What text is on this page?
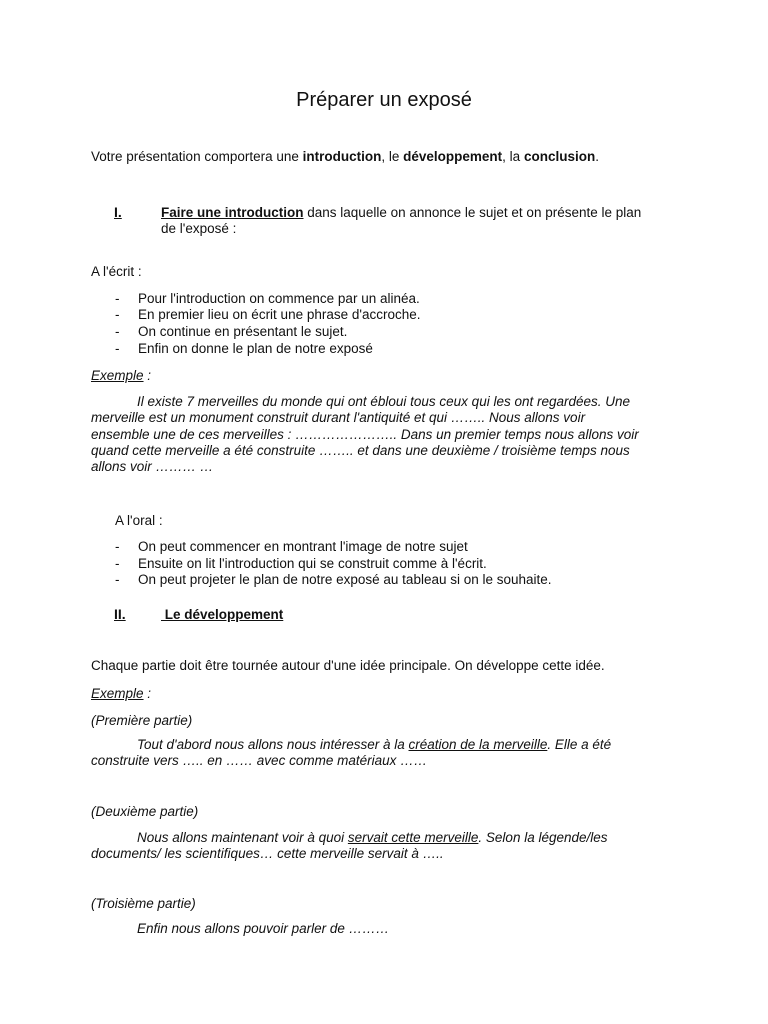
Préparer un exposé
Votre présentation comportera une introduction, le développement, la conclusion.
I.	Faire une introduction dans laquelle on annonce le sujet et on présente le plan
de l'exposé :
A l'écrit :
- Pour l'introduction on commence par un alinéa.
- En premier lieu on écrit une phrase d'accroche.
- On continue en présentant le sujet.
- Enfin on donne le plan de notre exposé
Exemple :
Il existe 7 merveilles du monde qui ont ébloui tous ceux qui les ont regardées. Une
merveille est un monument construit durant l'antiquité et qui …….. Nous allons voir
ensemble une de ces merveilles : ………………….. Dans un premier temps nous allons voir
quand cette merveille a été construite …….. et dans une deuxième / troisième temps nous
allons voir ……… …
A l'oral :
- On peut commencer en montrant l'image de notre sujet
- Ensuite on lit l'introduction qui se construit comme à l'écrit.
- On peut projeter le plan de notre exposé au tableau si on le souhaite.
II.	Le développement
Chaque partie doit être tournée autour d'une idée principale. On développe cette idée.
Exemple :
(Première partie)
Tout d'abord nous allons nous intéresser à la création de la merveille. Elle a été
construite vers ….. en …… avec comme matériaux ……
(Deuxième partie)
Nous allons maintenant voir à quoi servait cette merveille. Selon la légende/les
documents/ les scientifiques… cette merveille servait à …..
(Troisième partie)
Enfin nous allons pouvoir parler de ………
